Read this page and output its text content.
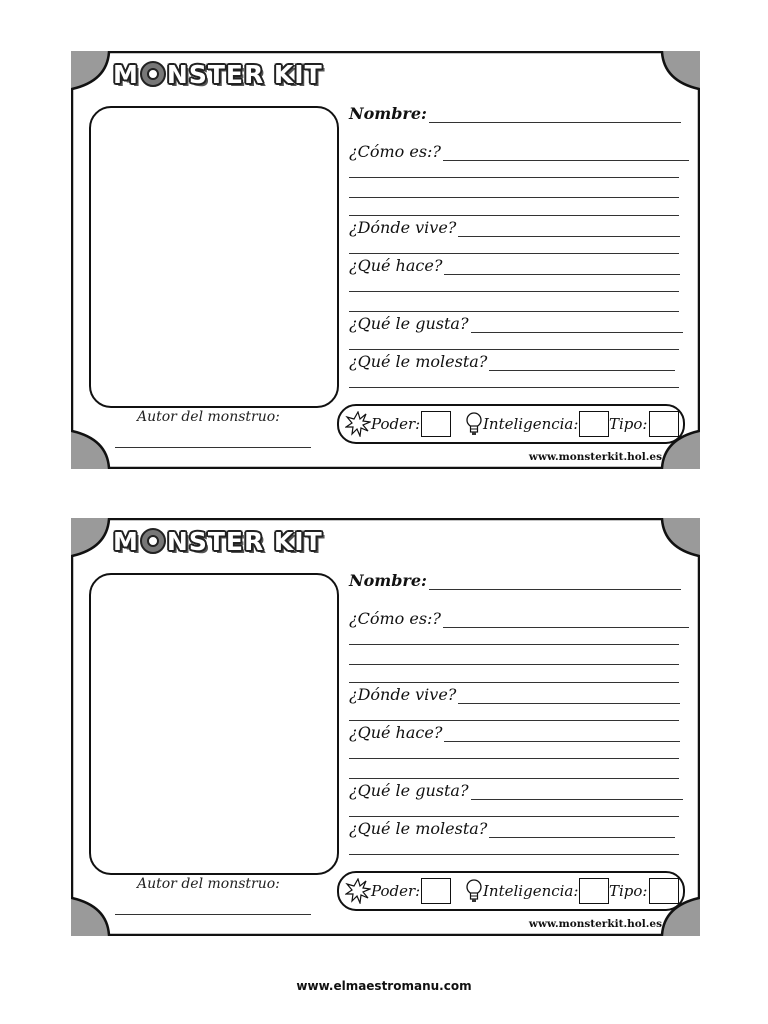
M NSTER
KIT
Autor del monstruo:
Nombre:
¿Cómo es:?
¿Dónde vive?
¿Qué hace?
¿Qué le gusta?
¿Qué le molesta?
Poder:	Inteligencia: Tipo:
www.monsterkit.hol.es
M NSTER
KIT
Autor del monstruo:
Nombre:
¿Cómo es:?
¿Dónde vive?
¿Qué hace?
¿Qué le gusta?
¿Qué le molesta?
Poder:	Inteligencia: Tipo:
www.monsterkit.hol.es
www.elmaestromanu.com
